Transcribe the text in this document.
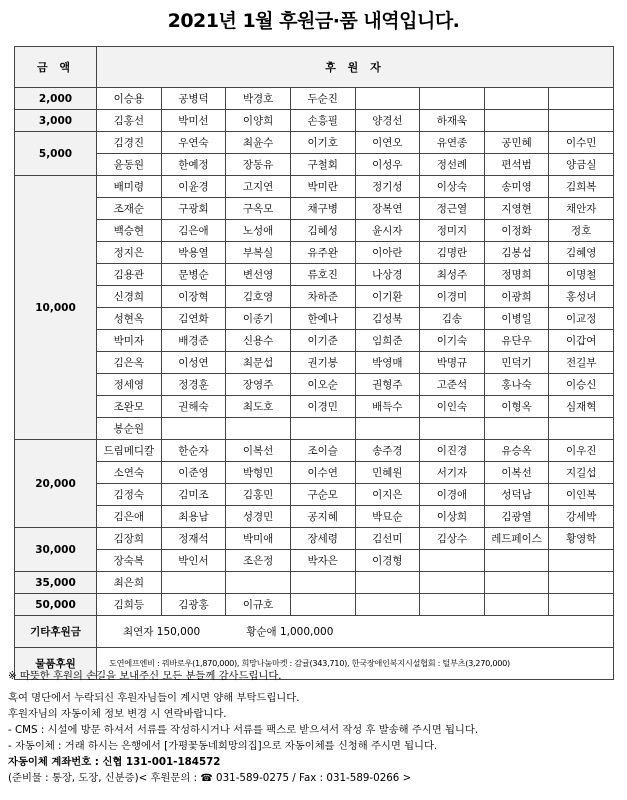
2021년 1월 후원금·품 내역입니다.
금 액	후 원 자							
2,000	이승용	공병덕	박경호	두순진				
3,000	김홍선	박미선	이양희	손흥필	양경선	하재욱		
5,000	김경진	우연숙	최윤수	이기호	이연오	유연종	공민혜	이수민
	윤동원	한예정	장동유	구철회	이성우	정선례	편석범	양금실
10,000	배미령	이윤경	고지연	박미란	정기성	이상숙	송미영	김희복
	조재순	구광회	구옥모	채구병	장복연	정근열	지영현	채안자
	백승현	김은애	노성애	김혜성	윤시자	정미지	이정화	정호
	정지은	박용열	부복실	유주완	이아란	김명란	김봉섭	김혜영
	김용관	문병순	변선영	류호진	나상경	최성주	정명희	이명철
	신경희	이장혁	김호영	차하준	이기환	이경미	이광희	홍성녀
	성현옥	김연화	이종기	한예나	김성북	김송	이병일	이교정
	박미자	배경준	신용수	이기준	임희준	이기숙	유단우	이갑여
	김은옥	이성연	최문섭	권기봉	박영매	박명규	민덕기	전길부
	정세영	정경훈	장영주	이오순	권형주	고준석	홍나숙	이승신
	조완모	권해숙	최도호	이경민	배득수	이인숙	이형옥	심재혁
	봉순원							
20,000	드림메디칼	한순자	이복선	조이슬	송주경	이진경	유승옥	이우진
	소연숙	이준영	박형민	이수연	민혜원	서기자	이복선	지길섭
	김정숙	김미조	김홍민	구순모	이지은	이경애	성덕남	이인복
	김은애	최용남	성경민	공지혜	박묘순	이상희	김광열	강세박
30,000	김장희	정재석	박미애	장세령	김선미	김상수	레드페이스	황영학
	장숙복	박인서	조은정	박자은	이경형			
35,000	최은희							
50,000	김희등	김광홍	이규호					
기타후원금	최연자 150,000 황순애 1,000,000							
물품후원	도연에프엔비 : 꿔바로우(1,870,000), 희망나눔마켓 : 감귤(343,710), 한국장애인복지시설협회 : 털부츠(3,270,000)							
※ 따뜻한 후원의 손길을 보내주신 모든 분들께 감사드립니다.
혹여 명단에서 누락되신 후원자님들이 계시면 양해 부탁드립니다.
후원자님의 자동이체 정보 변경 시 연락바랍니다.
- CMS : 시설에 방문 하셔서 서류를 작성하시거나 서류를 팩스로 받으셔서 작성 후 발송해 주시면 됩니다.
- 자동이체 : 거래 하시는 은행에서 [가평꽃동네희망의집]으로 자동이체를 신청해 주시면 됩니다.
자동이체 계좌번호 : 신협 131-001-184572
(준비물 : 통장, 도장, 신분증)< 후원문의 : ☎ 031-589-0275 / Fax : 031-589-0266 >
